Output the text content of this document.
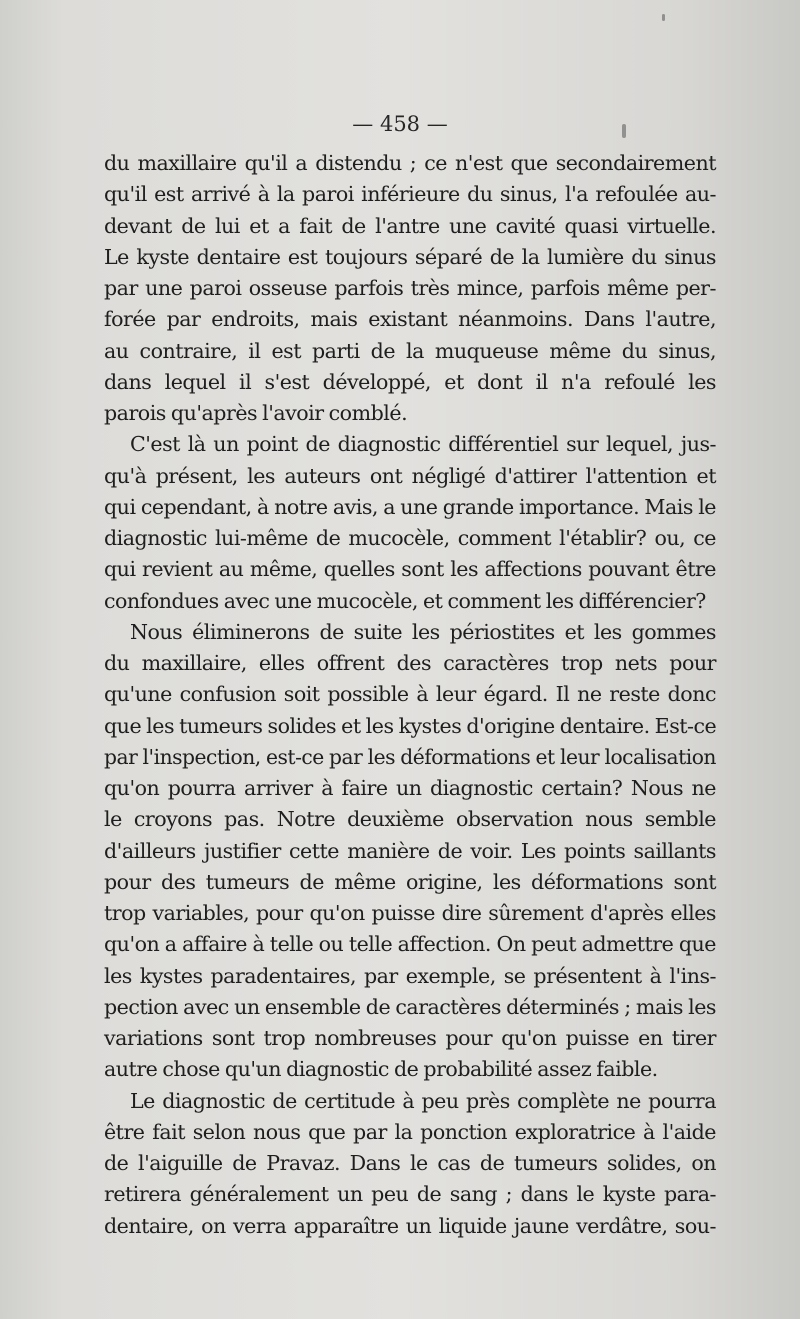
— 458 —
du maxillaire qu'il a distendu ; ce n'est que secondairement
qu'il est arrivé à la paroi inférieure du sinus, l'a refoulée au-
devant de lui et a fait de l'antre une cavité quasi virtuelle.
Le kyste dentaire est toujours séparé de la lumière du sinus
par une paroi osseuse parfois très mince, parfois même per-
forée par endroits, mais existant néanmoins. Dans l'autre,
au contraire, il est parti de la muqueuse même du sinus,
dans lequel il s'est développé, et dont il n'a refoulé les
parois qu'après l'avoir comblé.
C'est là un point de diagnostic différentiel sur lequel, jus-
qu'à présent, les auteurs ont négligé d'attirer l'attention et
qui cependant, à notre avis, a une grande importance. Mais le
diagnostic lui-même de mucocèle, comment l'établir? ou, ce
qui revient au même, quelles sont les affections pouvant être
confondues avec une mucocèle, et comment les différencier?
Nous éliminerons de suite les périostites et les gommes
du maxillaire, elles offrent des caractères trop nets pour
qu'une confusion soit possible à leur égard. Il ne reste donc
que les tumeurs solides et les kystes d'origine dentaire. Est-ce
par l'inspection, est-ce par les déformations et leur localisation
qu'on pourra arriver à faire un diagnostic certain? Nous ne
le croyons pas. Notre deuxième observation nous semble
d'ailleurs justifier cette manière de voir. Les points saillants
pour des tumeurs de même origine, les déformations sont
trop variables, pour qu'on puisse dire sûrement d'après elles
qu'on a affaire à telle ou telle affection. On peut admettre que
les kystes paradentaires, par exemple, se présentent à l'ins-
pection avec un ensemble de caractères déterminés ; mais les
variations sont trop nombreuses pour qu'on puisse en tirer
autre chose qu'un diagnostic de probabilité assez faible.
Le diagnostic de certitude à peu près complète ne pourra
être fait selon nous que par la ponction exploratrice à l'aide
de l'aiguille de Pravaz. Dans le cas de tumeurs solides, on
retirera généralement un peu de sang ; dans le kyste para-
dentaire, on verra apparaître un liquide jaune verdâtre, sou-
